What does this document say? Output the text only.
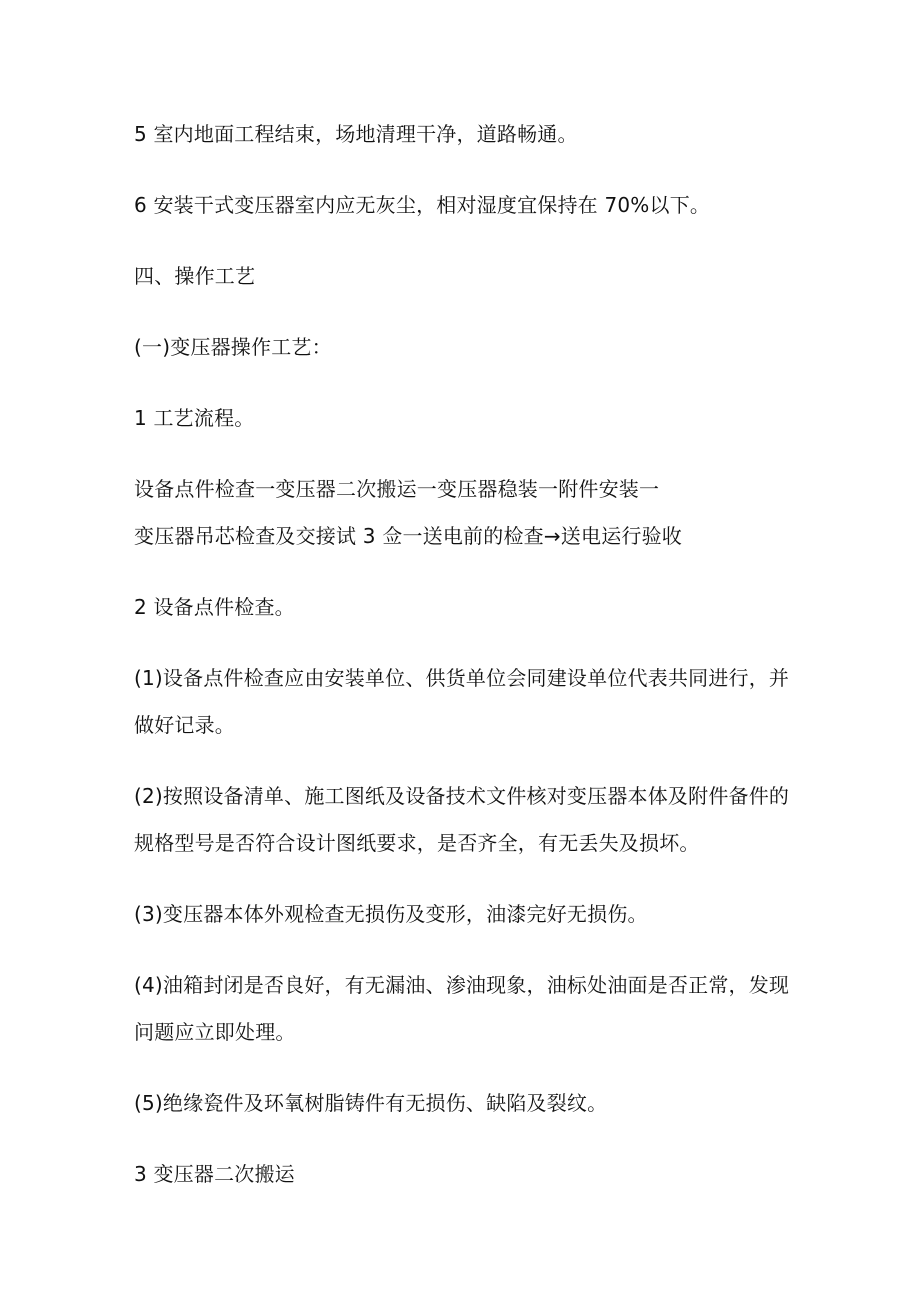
5 室内地面工程结束，场地清理干净，道路畅通。

6 安装干式变压器室内应无灰尘，相对湿度宜保持在 70%以下。

四、操作工艺

(一)变压器操作工艺：

1 工艺流程。

设备点件检查一变压器二次搬运一变压器稳装一附件安装一

变压器吊芯检查及交接试 3 佥一送电前的检查→送电运行验收

2 设备点件检查。

(1)设备点件检查应由安装单位、供货单位会同建设单位代表共同进行，并

做好记录。

(2)按照设备清单、施工图纸及设备技术文件核对变压器本体及附件备件的

规格型号是否符合设计图纸要求，是否齐全，有无丢失及损坏。

(3)变压器本体外观检查无损伤及变形，油漆完好无损伤。

(4)油箱封闭是否良好，有无漏油、渗油现象，油标处油面是否正常，发现

问题应立即处理。

(5)绝缘瓷件及环氧树脂铸件有无损伤、缺陷及裂纹。

3 变压器二次搬运
